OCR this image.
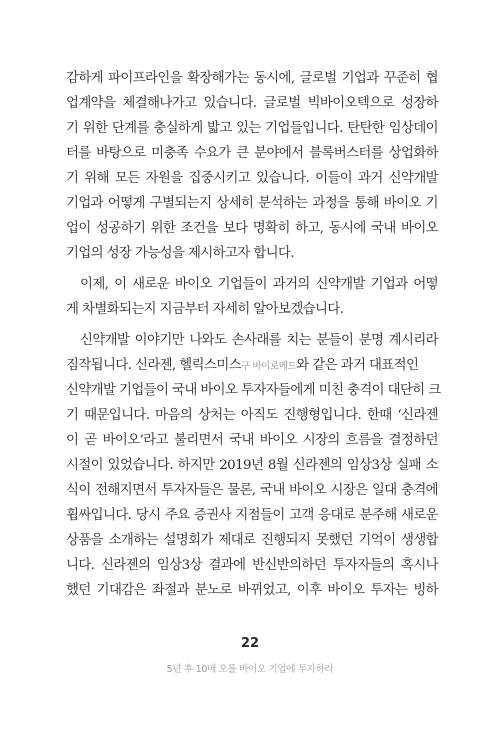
감하게 파이프라인을 확장해가는 동시에, 글로벌 기업과 꾸준히 협
업계약을 체결해나가고 있습니다. 글로벌 빅바이오텍으로 성장하
기 위한 단계를 충실하게 밟고 있는 기업들입니다. 탄탄한 임상데이
터를 바탕으로 미충족 수요가 큰 분야에서 블록버스터를 상업화하
기 위해 모든 자원을 집중시키고 있습니다. 이들이 과거 신약개발
기업과 어떻게 구별되는지 상세히 분석하는 과정을 통해 바이오 기
업이 성공하기 위한 조건을 보다 명확히 하고, 동시에 국내 바이오
기업의 성장 가능성을 제시하고자 합니다.

이제, 이 새로운 바이오 기업들이 과거의 신약개발 기업과 어떻
게 차별화되는지 지금부터 자세히 알아보겠습니다.

신약개발 이야기만 나와도 손사래를 치는 분들이 분명 계시리라
짐작됩니다. 신라젠, 헬릭스미스구 바이로메드와 같은 과거 대표적인
신약개발 기업들이 국내 바이오 투자자들에게 미친 충격이 대단히 크
기 때문입니다. 마음의 상처는 아직도 진행형입니다. 한때 ‘신라젠
이 곧 바이오’라고 불리면서 국내 바이오 시장의 흐름을 결정하던
시절이 있었습니다. 하지만 2019년 8월 신라젠의 임상3상 실패 소
식이 전해지면서 투자자들은 물론, 국내 바이오 시장은 일대 충격에
휩싸입니다. 당시 주요 증권사 지점들이 고객 응대로 분주해 새로운
상품을 소개하는 설명회가 제대로 진행되지 못했던 기억이 생생합
니다. 신라젠의 임상3상 결과에 반신반의하던 투자자들의 혹시나
했던 기대감은 좌절과 분노로 바뀌었고, 이후 바이오 투자는 빙하

22
5년 후 10배 오를 바이오 기업에 투자하라
